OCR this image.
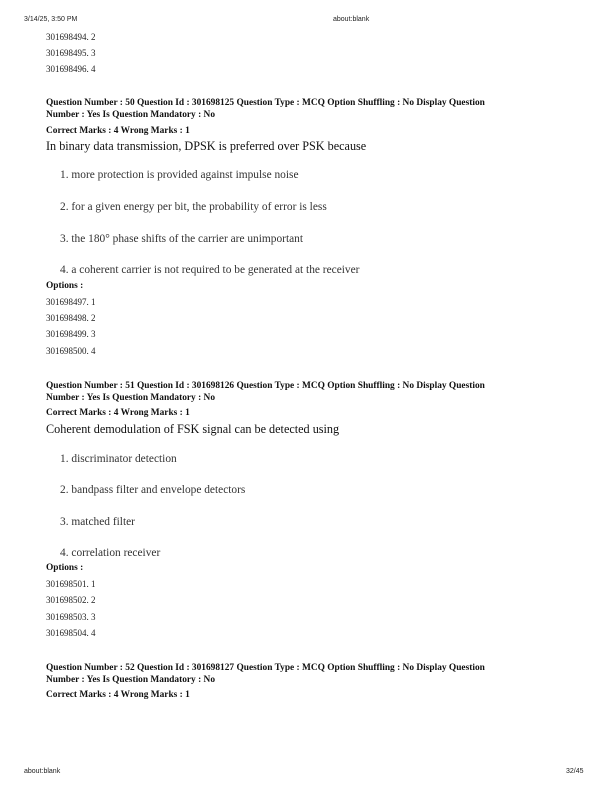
3/14/25, 3:50 PM	about:blank
301698494. 2
301698495. 3
301698496. 4
Question Number : 50 Question Id : 301698125 Question Type : MCQ Option Shuffling : No Display Question
Number : Yes Is Question Mandatory : No
Correct Marks : 4 Wrong Marks : 1
In binary data transmission, DPSK is preferred over PSK because
1. more protection is provided against impulse noise
2. for a given energy per bit, the probability of error is less
3. the 180° phase shifts of the carrier are unimportant
4. a coherent carrier is not required to be generated at the receiver
Options :
301698497. 1
301698498. 2
301698499. 3
301698500. 4
Question Number : 51 Question Id : 301698126 Question Type : MCQ Option Shuffling : No Display Question
Number : Yes Is Question Mandatory : No
Correct Marks : 4 Wrong Marks : 1
Coherent demodulation of FSK signal can be detected using
1. discriminator detection
2. bandpass filter and envelope detectors
3. matched filter
4. correlation receiver
Options :
301698501. 1
301698502. 2
301698503. 3
301698504. 4
Question Number : 52 Question Id : 301698127 Question Type : MCQ Option Shuffling : No Display Question
Number : Yes Is Question Mandatory : No
Correct Marks : 4 Wrong Marks : 1
about:blank	32/45
